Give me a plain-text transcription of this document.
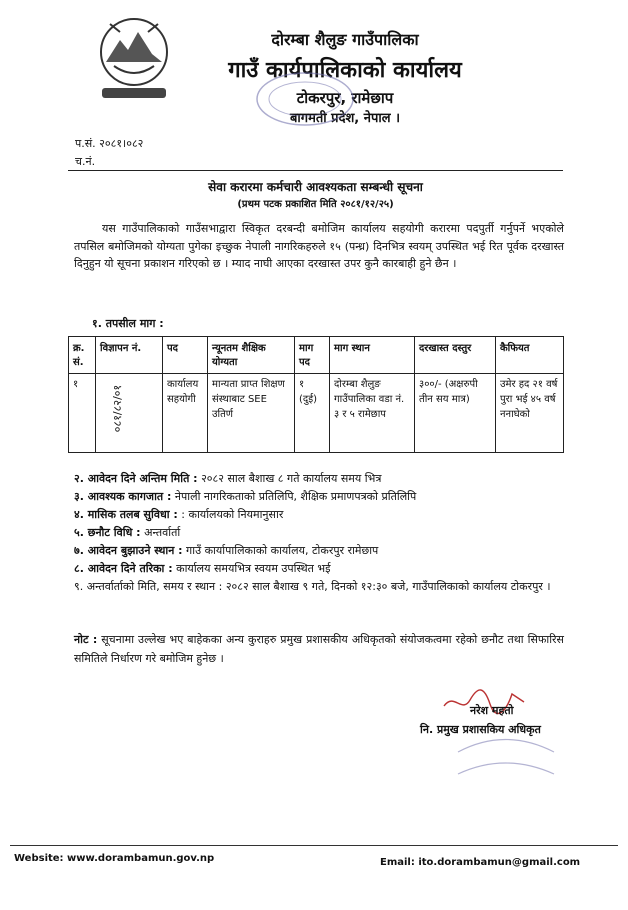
दोरम्बा शैलुङ गाउँपालिका
गाउँ कार्यपालिकाको कार्यालय
टोकरपुर, रामेछाप
बागमती प्रदेश, नेपाल ।
प.सं. २०८१।०८२
च.नं.
सेवा करारमा कर्मचारी आवश्यकता सम्बन्धी सूचना
(प्रथम पटक प्रकाशित मिति २०८१/१२/२५)
यस गाउँपालिकाको गाउँसभाद्वारा स्विकृत दरबन्दी बमोजिम कार्यालय सहयोगी करारमा पदपुर्ती गर्नुपर्ने भएकोले तपसिल बमोजिमको योग्यता पुगेका इच्छुक नेपाली नागरिकहरुले १५ (पन्ध्र) दिनभित्र स्वयम् उपस्थित भई रित पूर्वक दरखास्त दिनुहुन यो सूचना प्रकाशन गरिएको छ । म्याद नाघी आएका दरखास्त उपर कुनै कारबाही हुने छैन ।
१. तपसील माग :
क्र. सं.	विज्ञापन नं.	पद	न्यूनतम शैक्षिक योग्यता	माग पद	माग स्थान	दरखास्त दस्तुर	कैफियत
१	०८१/८२/०१	कार्यालय सहयोगी	मान्यता प्राप्त शिक्षण संस्थाबाट SEE उतिर्ण	१ (दुई)	दोरम्बा शैलुङ गाउँपालिका वडा नं. ३ र ५ रामेछाप	३००/- (अक्षरुपी तीन सय मात्र)	उमेर हद २१ वर्ष पुरा भई ४५ वर्ष ननाघेको
२. आवेदन दिने अन्तिम मिति : २०८२ साल बैशाख ८ गते कार्यालय समय भित्र
३. आवश्यक कागजात : नेपाली नागरिकताको प्रतिलिपि, शैक्षिक प्रमाणपत्रको प्रतिलिपि
४. मासिक तलब सुविधा : : कार्यालयको नियमानुसार
५. छनौट विधि : अन्तर्वार्ता
७. आवेदन बुझाउने स्थान : गाउँ कार्यापालिकाको कार्यालय, टोकरपुर रामेछाप
८. आवेदन दिने तरिका : कार्यालय समयभित्र स्वयम उपस्थित भई
९. अन्तर्वार्ताको मिति, समय र स्थान : २०८२ साल बैशाख ९ गते, दिनको १२:३० बजे, गाउँपालिकाको कार्यालय टोकरपुर ।
नोट : सूचनामा उल्लेख भए बाहेकका अन्य कुराहरु प्रमुख प्रशासकीय अधिकृतको संयोजकत्वमा रहेको छनौट तथा सिफारिस समितिले निर्धारण गरे बमोजिम हुनेछ ।
नरेश महतो
नि. प्रमुख प्रशासकिय अधिकृत
Website: www.dorambamun.gov.np	Email: ito.dorambamun@gmail.com
